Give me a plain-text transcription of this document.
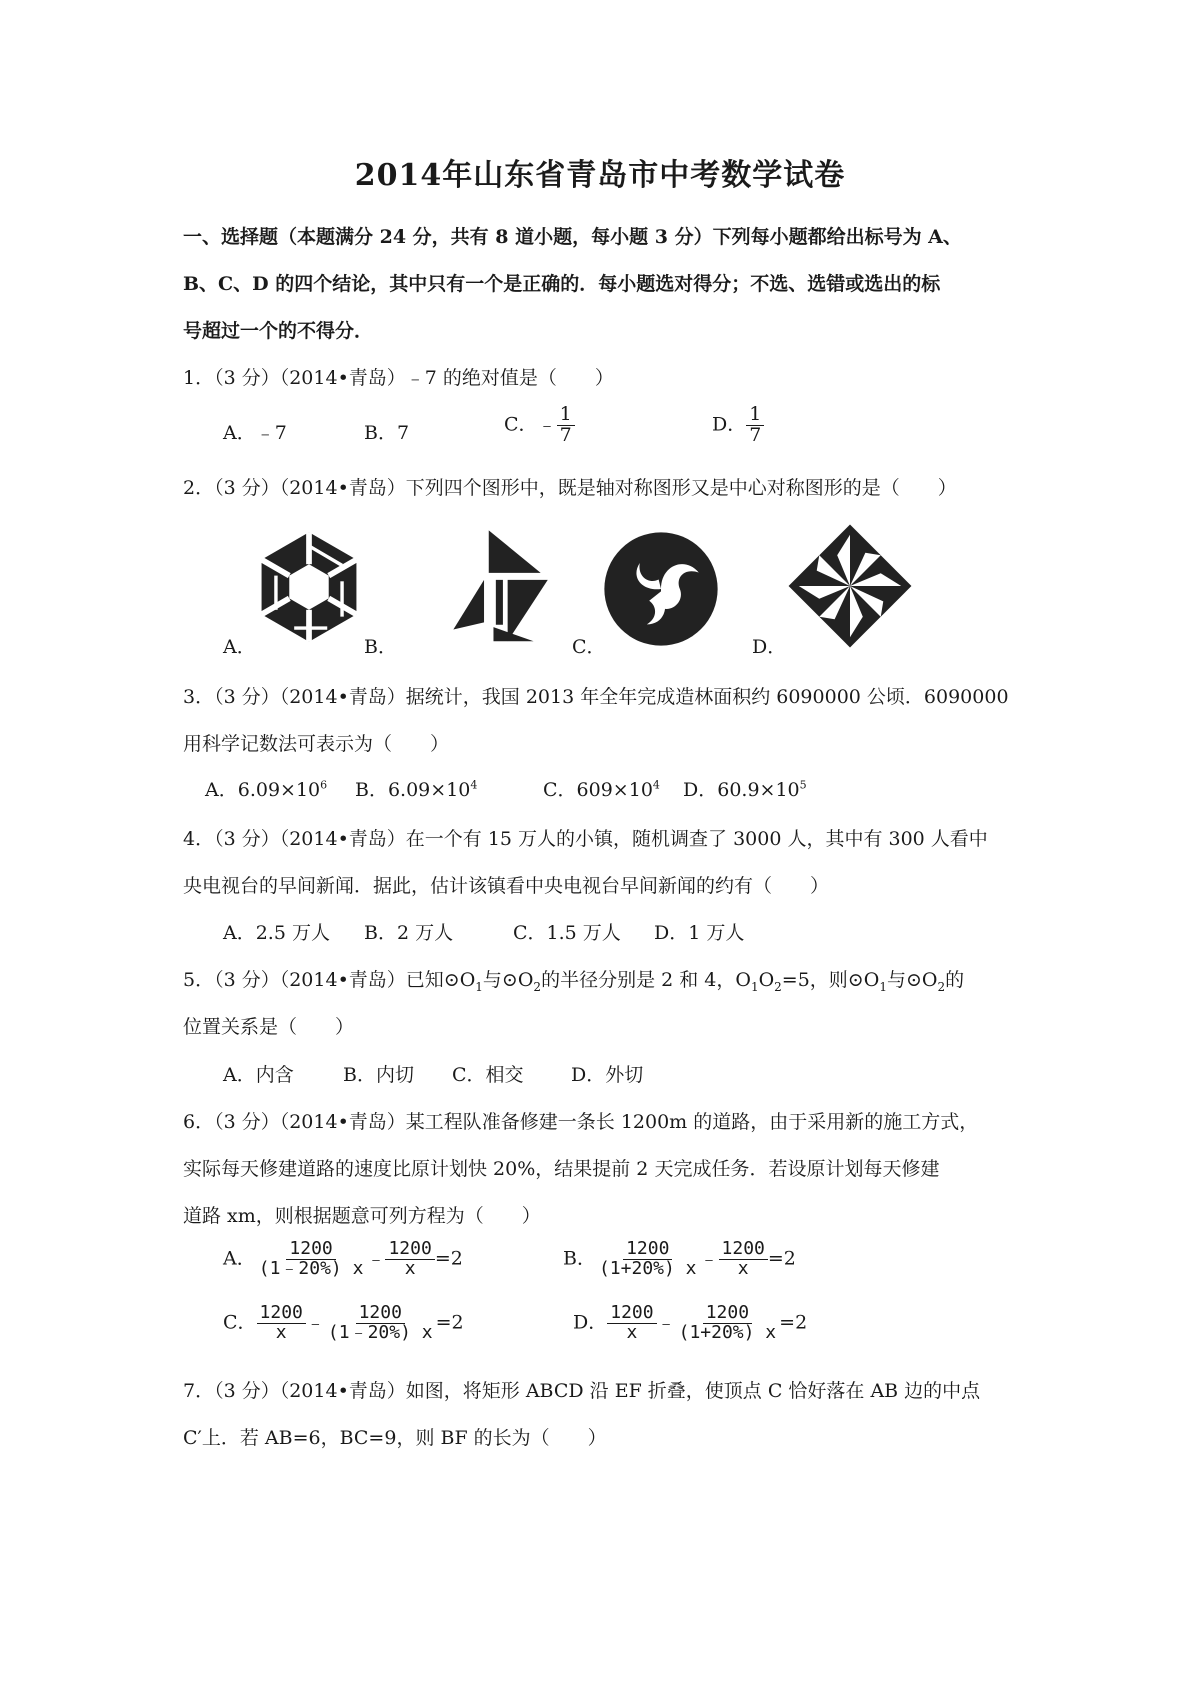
2014年山东省青岛市中考数学试卷
一、选择题（本题满分 24 分，共有 8 道小题，每小题 3 分）下列每小题都给出标号为 A、
B、C、D 的四个结论，其中只有一个是正确的．每小题选对得分；不选、选错或选出的标
号超过一个的不得分．
1．（3 分）（2014•青岛）﹣7 的绝对值是（　　）
A．﹣7	B．7	C．﹣ $\frac{1}{7}$	D． $\frac{1}{7}$
2．（3 分）（2014•青岛）下列四个图形中，既是轴对称图形又是中心对称图形的是（　　）
A．	B．	C．	D．
3．（3 分）（2014•青岛）据统计，我国 2013 年全年完成造林面积约 6090000 公顷．6090000
用科学记数法可表示为（　　）
A．$6.09\times 10^6$ B．$6.09\times 10^4$	C．$609\times 10^4$ D．$60.9\times 10^5$
4．（3 分）（2014•青岛）在一个有 15 万人的小镇，随机调查了 3000 人，其中有 300 人看中
央电视台的早间新闻．据此，估计该镇看中央电视台早间新闻的约有（　　）
A．2.5 万人 B．2 万人	C．1.5 万人 D．1 万人
5．（3 分）（2014•青岛）已知$⊙O_1$与$⊙O_2$的半径分别是 2 和 4，$O_1O_2=5$，则$⊙O_1$与$⊙O_2$的
位置关系是（　　）
A．内含	B．内切 C．相交 D．外切
6．（3 分）（2014•青岛）某工程队准备修建一条长 1200m 的道路，由于采用新的施工方式，
实际每天修建道路的速度比原计划快 20%，结果提前 2 天完成任务．若设原计划每天修建
道路 xm，则根据题意可列方程为（　　）
A． $\frac{1200}{(1﹣20\%) x}$ ﹣ $\frac{1200}{x} =2$	B． $\frac{1200}{(1+20\%) x}$ ﹣ $\frac{1200}{x} =2$
C． $\frac{1200}{x}$ ﹣ $\frac{1200}{(1﹣20\%) x} =2$	D． $\frac{1200}{x}$ ﹣ $\frac{1200}{(1+20\%) x} =2$
7．（3 分）（2014•青岛）如图，将矩形 ABCD 沿 EF 折叠，使顶点 C 恰好落在 AB 边的中点
C′上．若 AB=6，BC=9，则 BF 的长为（　　）
